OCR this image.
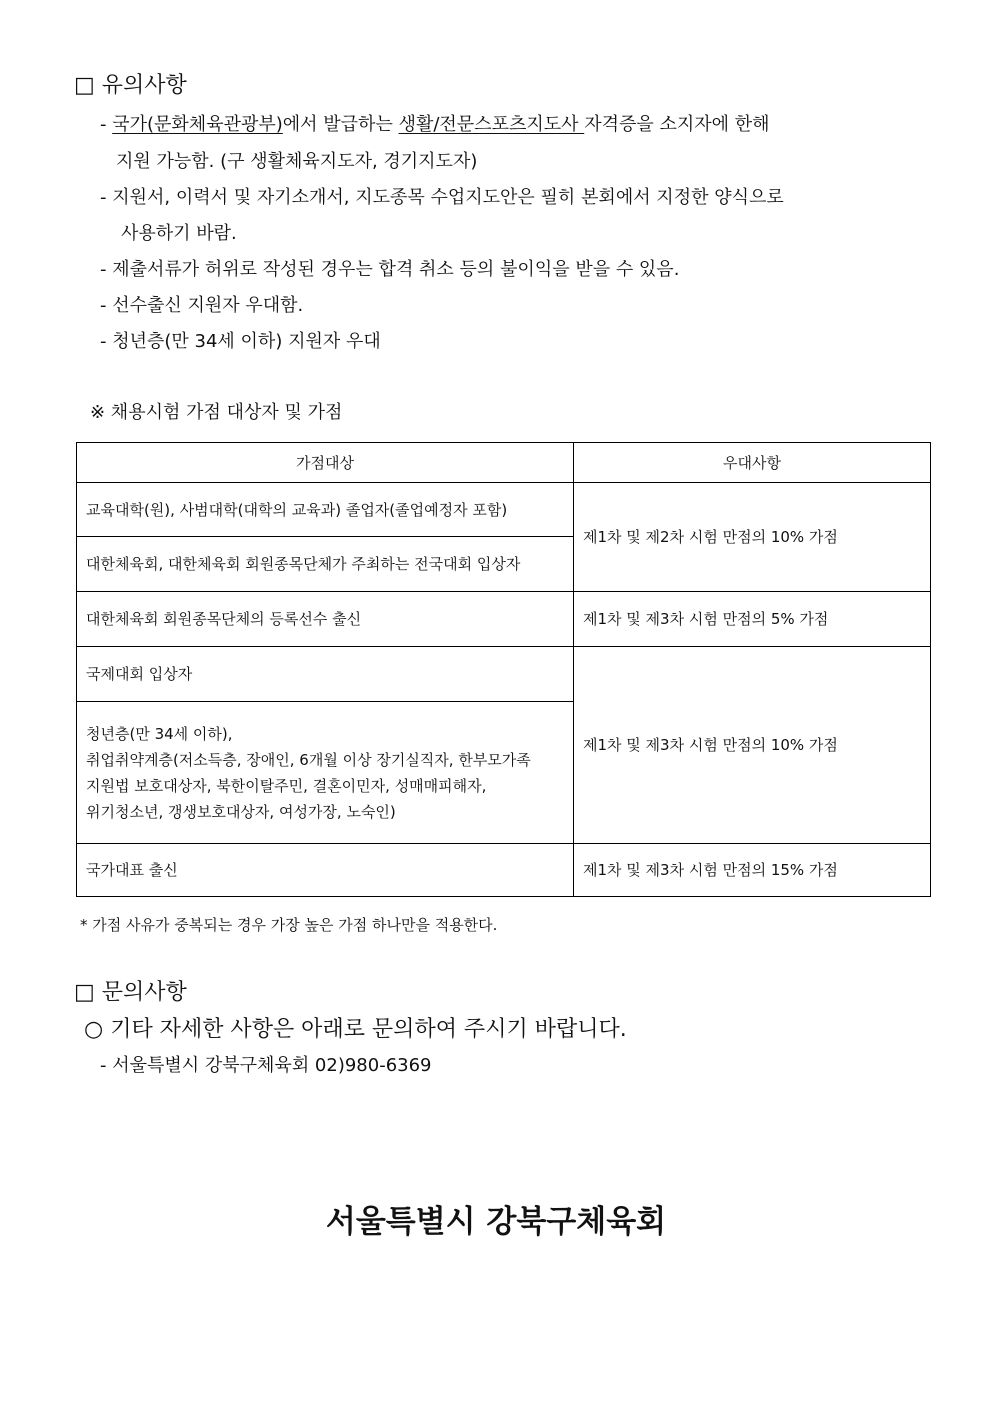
□ 유의사항
- 국가(문화체육관광부)에서 발급하는 생활/전문스포츠지도사 자격증을 소지자에 한해
지원 가능함. (구 생활체육지도자, 경기지도자)
- 지원서, 이력서 및 자기소개서, 지도종목 수업지도안은 필히 본회에서 지정한 양식으로
사용하기 바람.
- 제출서류가 허위로 작성된 경우는 합격 취소 등의 불이익을 받을 수 있음.
- 선수출신 지원자 우대함.
- 청년층(만 34세 이하) 지원자 우대
※ 채용시험 가점 대상자 및 가점
가점대상	우대사항
교육대학(원), 사범대학(대학의 교육과) 졸업자(졸업예정자 포함)	제1차 및 제2차 시험 만점의 10% 가점
대한체육회, 대한체육회 회원종목단체가 주최하는 전국대회 입상자	
대한체육회 회원종목단체의 등록선수 출신	제1차 및 제3차 시험 만점의 5% 가점
국제대회 입상자	제1차 및 제3차 시험 만점의 10% 가점

청년층(만 34세 이하),
취업취약계층(저소득층, 장애인, 6개월 이상 장기실직자, 한부모가족
지원법 보호대상자, 북한이탈주민, 결혼이민자, 성매매피해자,
위기청소년, 갱생보호대상자, 여성가장, 노숙인)	

국가대표 출신	제1차 및 제3차 시험 만점의 15% 가점
* 가점 사유가 중복되는 경우 가장 높은 가점 하나만을 적용한다.
□ 문의사항
○ 기타 자세한 사항은 아래로 문의하여 주시기 바랍니다.
- 서울특별시 강북구체육회 02)980-6369
서울특별시 강북구체육회
